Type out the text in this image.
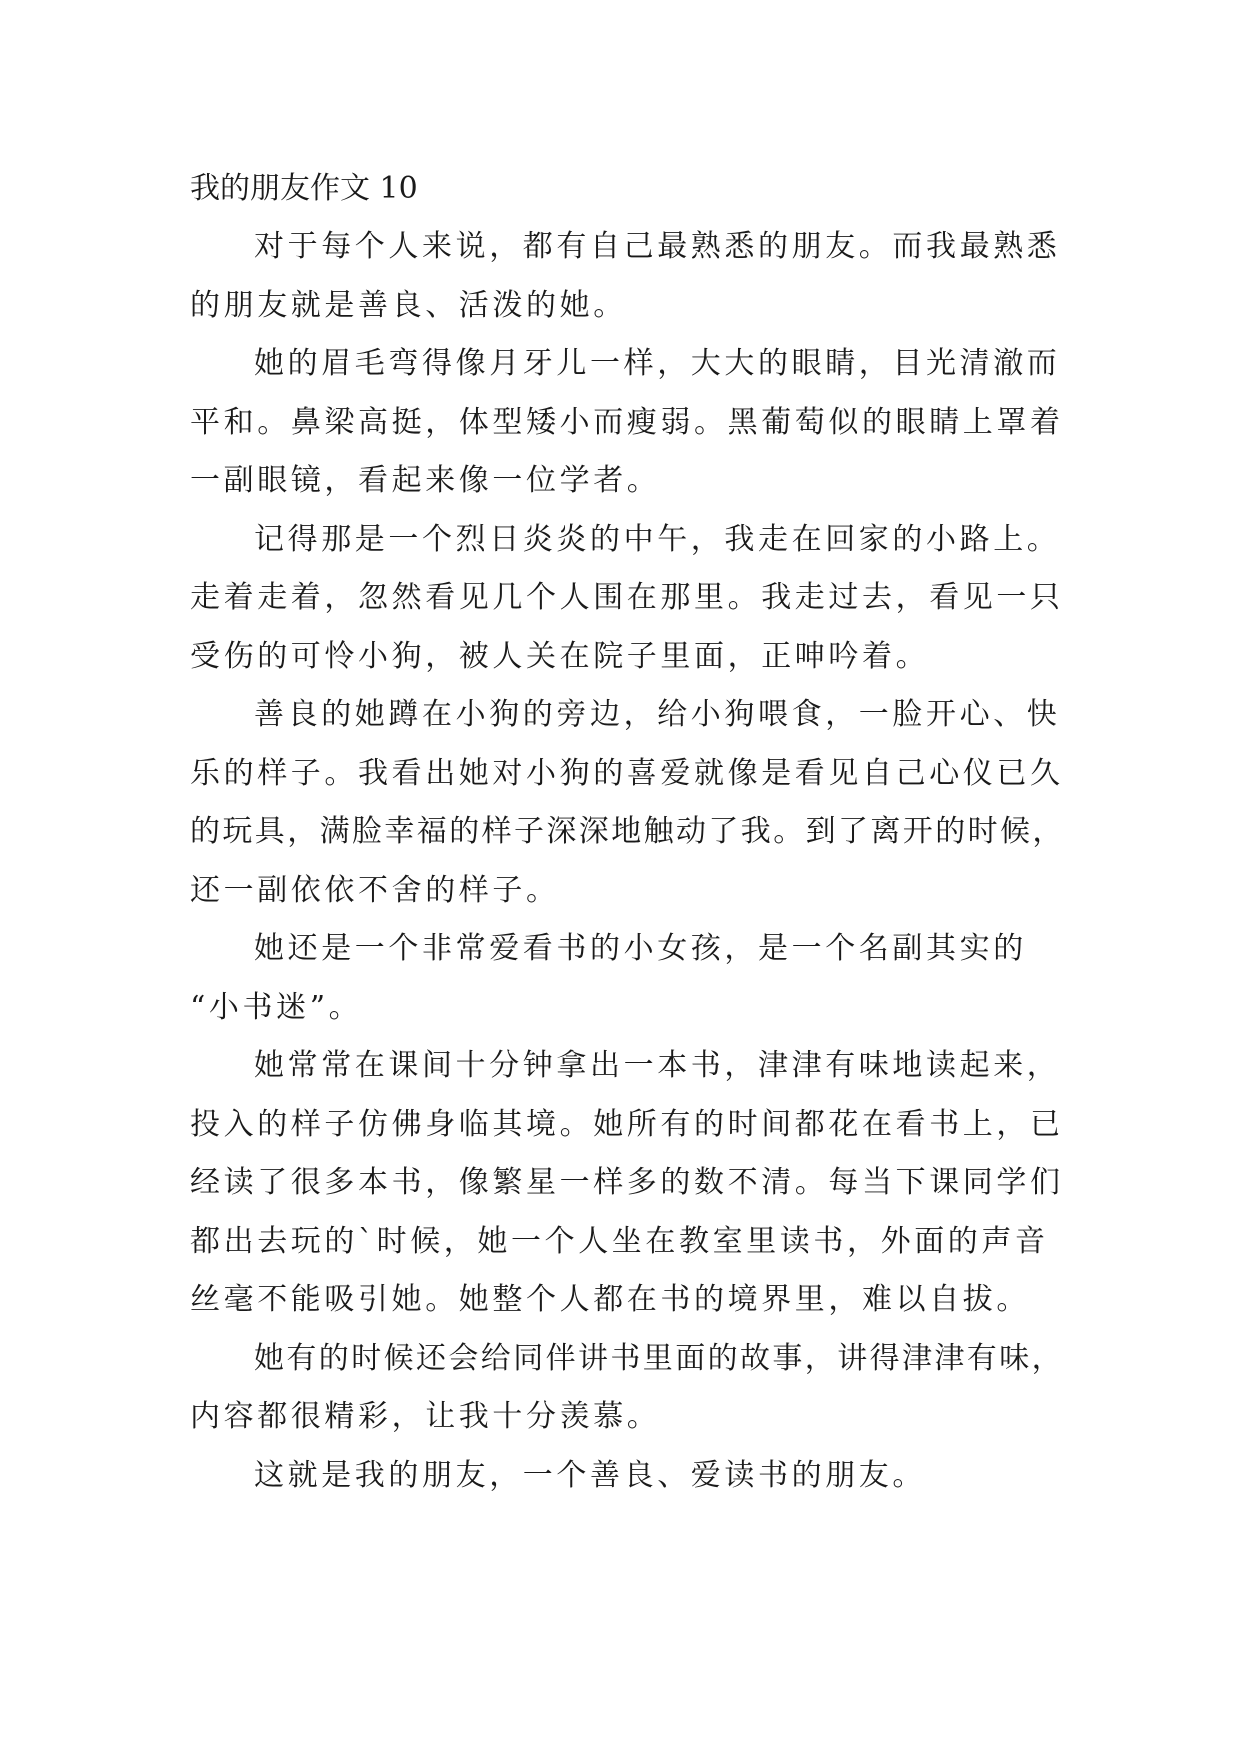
我的朋友作文 10
对于每个人来说，都有自己最熟悉的朋友。而我最熟悉
的朋友就是善良、活泼的她。
她的眉毛弯得像月牙儿一样，大大的眼睛，目光清澈而
平和。鼻梁高挺，体型矮小而瘦弱。黑葡萄似的眼睛上罩着
一副眼镜，看起来像一位学者。
记得那是一个烈日炎炎的中午，我走在回家的小路上。
走着走着，忽然看见几个人围在那里。我走过去，看见一只
受伤的可怜小狗，被人关在院子里面，正呻吟着。
善良的她蹲在小狗的旁边，给小狗喂食，一脸开心、快
乐的样子。我看出她对小狗的喜爱就像是看见自己心仪已久
的玩具，满脸幸福的样子深深地触动了我。到了离开的时候，
还一副依依不舍的样子。
她还是一个非常爱看书的小女孩，是一个名副其实的
“小书迷”。
她常常在课间十分钟拿出一本书，津津有味地读起来，
投入的样子仿佛身临其境。她所有的时间都花在看书上，已
经读了很多本书，像繁星一样多的数不清。每当下课同学们
都出去玩的`时候，她一个人坐在教室里读书，外面的声音
丝毫不能吸引她。她整个人都在书的境界里，难以自拔。
她有的时候还会给同伴讲书里面的故事，讲得津津有味，
内容都很精彩，让我十分羡慕。
这就是我的朋友，一个善良、爱读书的朋友。
